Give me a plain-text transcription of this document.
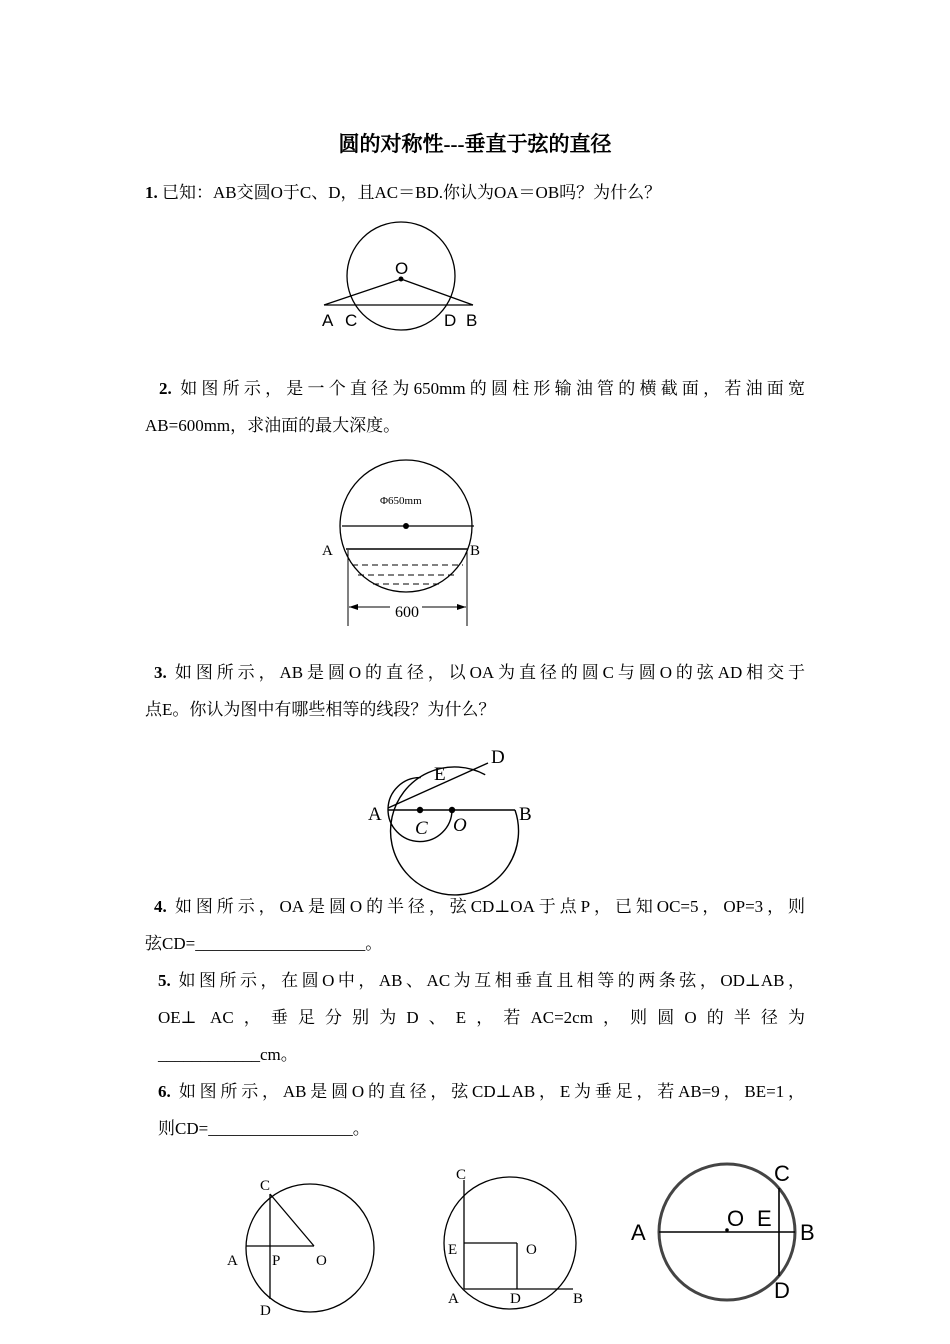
圆的对称性---垂直于弦的直径
1. 已知：AB交圆O于C、D，且AC＝BD.你认为OA＝OB吗？为什么？
O
A C	D B
2. 如图所示，是一个直径为650mm的圆柱形输油管的横截面，若油面宽
AB=600mm，求油面的最大深度。
Φ650mm
A	B
600
3. 如图所示，AB是圆O的直径，以OA为直径的圆C与圆O的弦AD相交于
点E。你认为图中有哪些相等的线段？为什么？
A	B
D
E
C O
4. 如图所示，OA是圆O的半径，弦CD⊥OA于点P，已知OC=5，OP=3，则
弦CD=____________________。
5. 如图所示，在圆O中，AB、AC为互相垂直且相等的两条弦，OD⊥AB，
OE⊥ AC，垂足分别为D、E，若AC=2cm，则圆O的半径为
____________cm。
6. 如图所示，AB是圆O的直径，弦CD⊥AB，E为垂足，若AB=9，BE=1，
则CD=_________________。
C
A P O
D
C
E	O
A	D	B
A
O E
B
C
D
